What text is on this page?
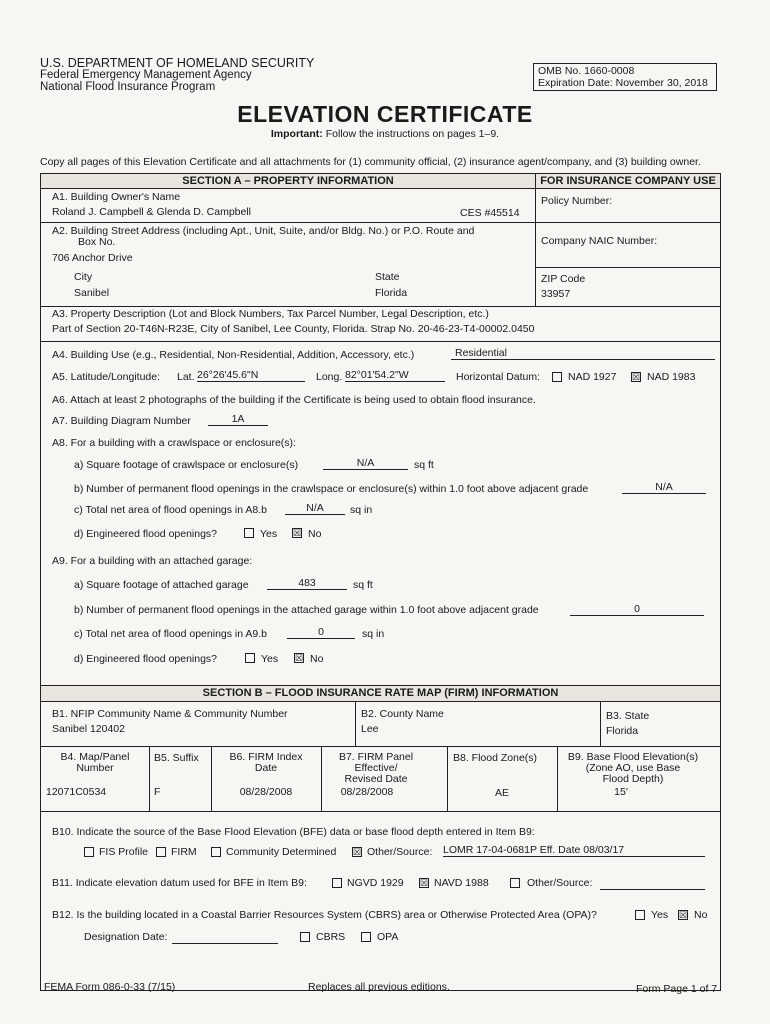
U.S. DEPARTMENT OF HOMELAND SECURITY
Federal Emergency Management Agency
National Flood Insurance Program
OMB No. 1660-0008
Expiration Date: November 30, 2018
ELEVATION CERTIFICATE
Important: Follow the instructions on pages 1–9.
Copy all pages of this Elevation Certificate and all attachments for (1) community official, (2) insurance agent/company, and (3) building owner.
SECTION A – PROPERTY INFORMATION	FOR INSURANCE COMPANY USE
A1. Building Owner's Name
Roland J. Campbell & Glenda D. Campbell	CES #45514
Policy Number:
A2. Building Street Address (including Apt., Unit, Suite, and/or Bldg. No.) or P.O. Route and
Box No.
706 Anchor Drive
Company NAIC Number:
City
Sanibel
State
Florida
ZIP Code
33957
A3. Property Description (Lot and Block Numbers, Tax Parcel Number, Legal Description, etc.)
Part of Section 20-T46N-R23E, City of Sanibel, Lee County, Florida. Strap No. 20-46-23-T4-00002.0450
A4. Building Use (e.g., Residential, Non-Residential, Addition, Accessory, etc.)	Residential
A5. Latitude/Longitude: Lat. 26°26'45.6"N	Long. 82°01'54.2"W	Horizontal Datum:	NAD 1927 ☒ NAD 1983
A6. Attach at least 2 photographs of the building if the Certificate is being used to obtain flood insurance.
A7. Building Diagram Number	1A
A8. For a building with a crawlspace or enclosure(s):
a) Square footage of crawlspace or enclosure(s)	N/A	sq ft
b) Number of permanent flood openings in the crawlspace or enclosure(s) within 1.0 foot above adjacent grade	N/A
c) Total net area of flood openings in A8.b	N/A	sq in
d) Engineered flood openings?	Yes ☒ No
A9. For a building with an attached garage:
a) Square footage of attached garage	483	sq ft
b) Number of permanent flood openings in the attached garage within 1.0 foot above adjacent grade	0
c) Total net area of flood openings in A9.b	0	sq in
d) Engineered flood openings?	Yes ☒ No
SECTION B – FLOOD INSURANCE RATE MAP (FIRM) INFORMATION
B1. NFIP Community Name & Community Number
Sanibel 120402
B2. County Name
Lee
B3. State
Florida
B4. Map/Panel
Number
12071C0534
B5. Suffix
F
B6. FIRM Index
Date
08/28/2008
B7. FIRM Panel
Effective/
Revised Date
08/28/2008
B8. Flood Zone(s)
AE
B9. Base Flood Elevation(s)
(Zone AO, use Base
Flood Depth)
15'
B10. Indicate the source of the Base Flood Elevation (BFE) data or base flood depth entered in Item B9:
FIS Profile FIRM	Community Determined ☒ Other/Source: LOMR 17-04-0681P Eff. Date 08/03/17
B11. Indicate elevation datum used for BFE in Item B9:	NGVD 1929 ☒ NAVD 1988	Other/Source:
B12. Is the building located in a Coastal Barrier Resources System (CBRS) area or Otherwise Protected Area (OPA)?	Yes ☒ No
Designation Date:	CBRS	OPA
FEMA Form 086-0-33 (7/15)	Replaces all previous editions.	Form Page 1 of 7
